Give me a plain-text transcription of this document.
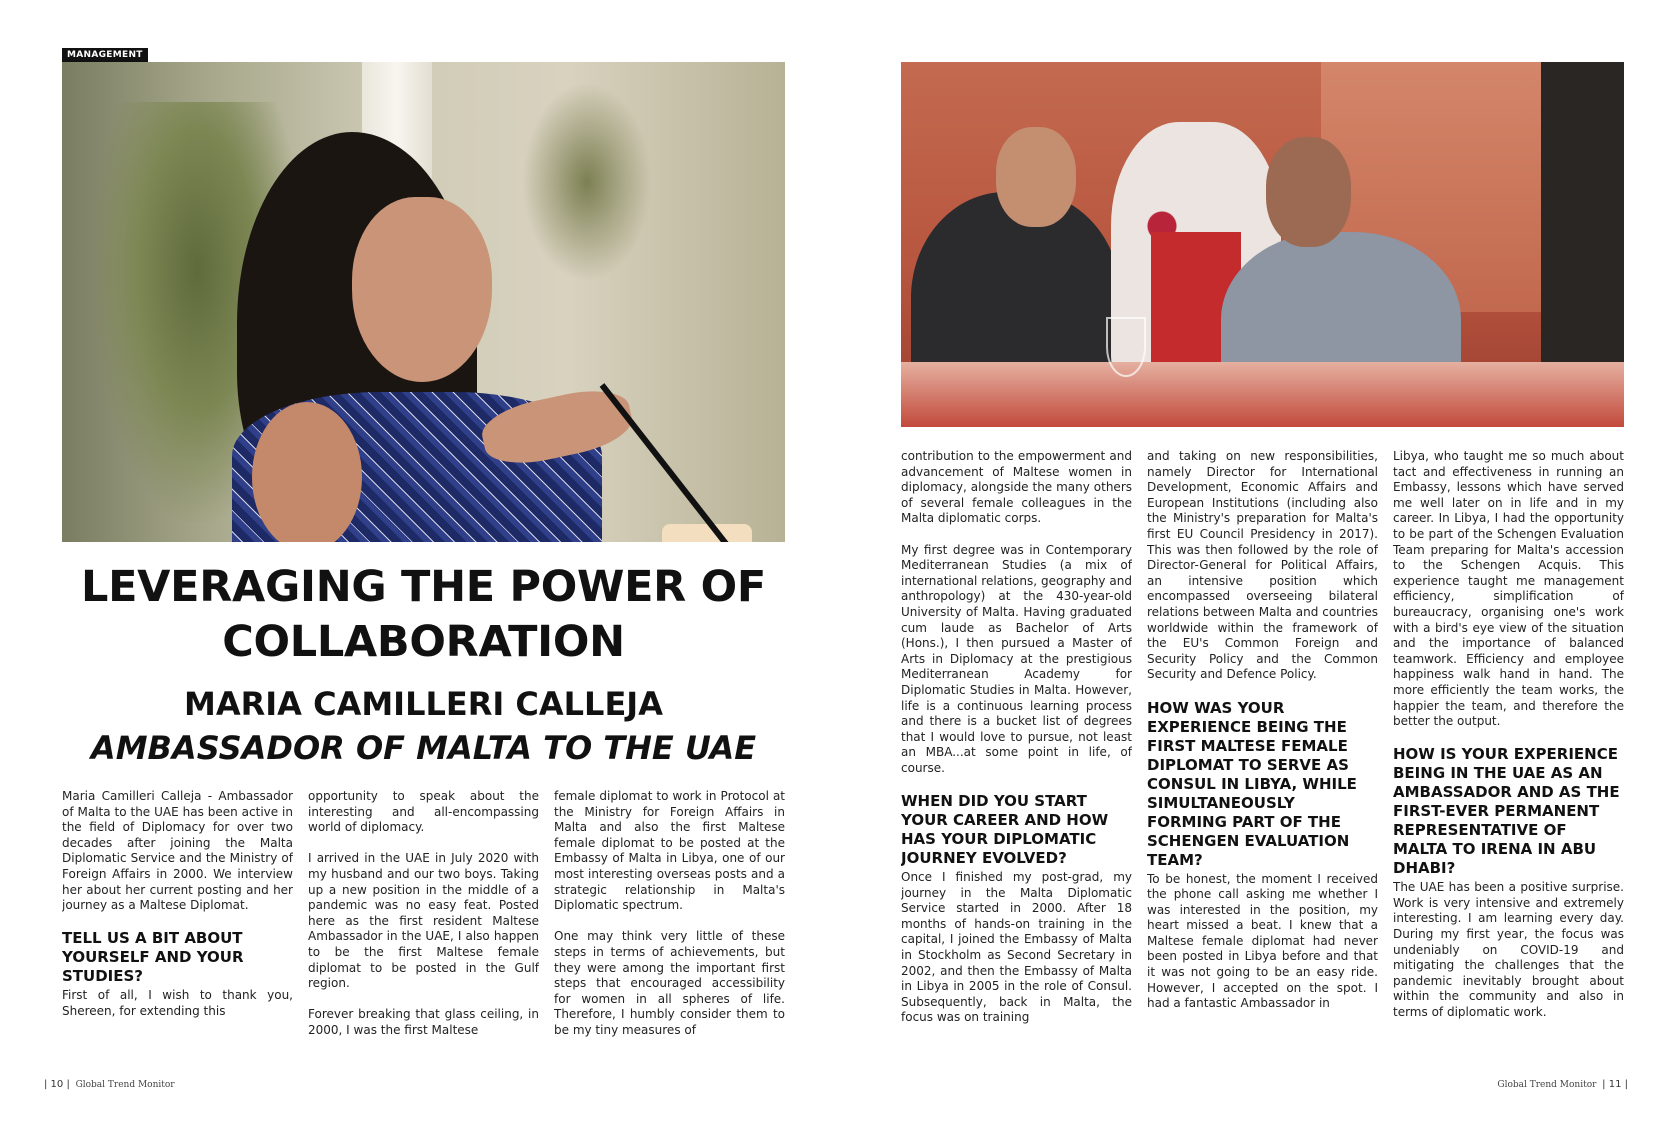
MANAGEMENT
LEVERAGING THE POWER OF COLLABORATION
MARIA CAMILLERI CALLEJA
AMBASSADOR OF MALTA TO THE UAE

Maria Camilleri Calleja - Ambassador of Malta to the UAE has been active in the field of Diplomacy for over two decades after joining the Malta Diplomatic Service and the Ministry of Foreign Affairs in 2000. We interview her about her current posting and her journey as a Maltese Diplomat.

TELL US A BIT ABOUT YOURSELF AND YOUR STUDIES?

First of all, I wish to thank you, Shereen, for extending this

opportunity to speak about the interesting and all-encompassing world of diplomacy.

I arrived in the UAE in July 2020 with my husband and our two boys. Taking up a new position in the middle of a pandemic was no easy feat. Posted here as the first resident Maltese Ambassador in the UAE, I also happen to be the first Maltese female diplomat to be posted in the Gulf region.

Forever breaking that glass ceiling, in 2000, I was the first Maltese

female diplomat to work in Protocol at the Ministry for Foreign Affairs in Malta and also the first Maltese female diplomat to be posted at the Embassy of Malta in Libya, one of our most interesting overseas posts and a strategic relationship in Malta's Diplomatic spectrum.

One may think very little of these steps in terms of achievements, but they were among the important first steps that encouraged accessibility for women in all spheres of life. Therefore, I humbly consider them to be my tiny measures of

| 10 | Global Trend Monitor

contribution to the empowerment and advancement of Maltese women in diplomacy, alongside the many others of several female colleagues in the Malta diplomatic corps.

My first degree was in Contemporary Mediterranean Studies (a mix of international relations, geography and anthropology) at the 430-year-old University of Malta. Having graduated cum laude as Bachelor of Arts (Hons.), I then pursued a Master of Arts in Diplomacy at the prestigious Mediterranean Academy for Diplomatic Studies in Malta. However, life is a continuous learning process and there is a bucket list of degrees that I would love to pursue, not least an MBA...at some point in life, of course.

WHEN DID YOU START YOUR CAREER AND HOW HAS YOUR DIPLOMATIC JOURNEY EVOLVED?

Once I finished my post-grad, my journey in the Malta Diplomatic Service started in 2000. After 18 months of hands-on training in the capital, I joined the Embassy of Malta in Stockholm as Second Secretary in 2002, and then the Embassy of Malta in Libya in 2005 in the role of Consul. Subsequently, back in Malta, the focus was on training

and taking on new responsibilities, namely Director for International Development, Economic Affairs and European Institutions (including also the Ministry's preparation for Malta's first EU Council Presidency in 2017). This was then followed by the role of Director-General for Political Affairs, an intensive position which encompassed overseeing bilateral relations between Malta and countries worldwide within the framework of the EU's Common Foreign and Security Policy and the Common Security and Defence Policy.

HOW WAS YOUR EXPERIENCE BEING THE FIRST MALTESE FEMALE DIPLOMAT TO SERVE AS CONSUL IN LIBYA, WHILE SIMULTANEOUSLY FORMING PART OF THE SCHENGEN EVALUATION TEAM?

To be honest, the moment I received the phone call asking me whether I was interested in the position, my heart missed a beat. I knew that a Maltese female diplomat had never been posted in Libya before and that it was not going to be an easy ride. However, I accepted on the spot. I had a fantastic Ambassador in

Libya, who taught me so much about tact and effectiveness in running an Embassy, lessons which have served me well later on in life and in my career. In Libya, I had the opportunity to be part of the Schengen Evaluation Team preparing for Malta's accession to the Schengen Acquis. This experience taught me management efficiency, simplification of bureaucracy, organising one's work with a bird's eye view of the situation and the importance of balanced teamwork. Efficiency and employee happiness walk hand in hand. The more efficiently the team works, the happier the team, and therefore the better the output.

HOW IS YOUR EXPERIENCE BEING IN THE UAE AS AN AMBASSADOR AND AS THE FIRST-EVER PERMANENT REPRESENTATIVE OF MALTA TO IRENA IN ABU DHABI?

The UAE has been a positive surprise. Work is very intensive and extremely interesting. I am learning every day. During my first year, the focus was undeniably on COVID-19 and mitigating the challenges that the pandemic inevitably brought about within the community and also in terms of diplomatic work.

Global Trend Monitor | 11 |
